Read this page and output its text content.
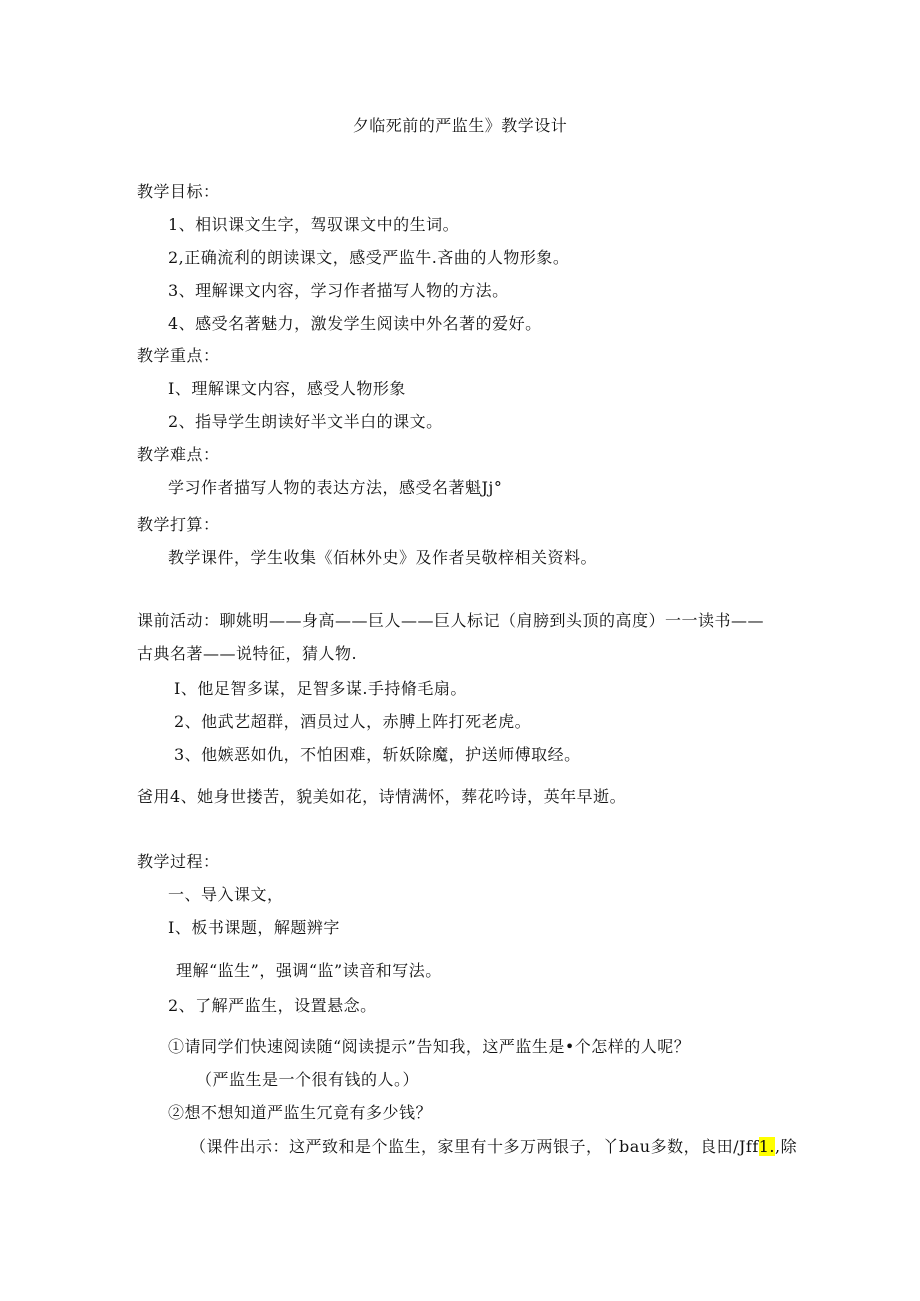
夕临死前的严监生》教学设计
教学目标：
1、相识课文生字，驾驭课文中的生词。
2,正确流利的朗读课文，感受严监牛.吝曲的人物形象。
3、理解课文内容，学习作者描写人物的方法。
4、感受名著魅力，激发学生阅读中外名著的爱好。
教学重点：
I、理解课文内容，感受人物形象
2、指导学生朗读好半文半白的课文。
教学难点：
学习作者描写人物的表达方法，感受名著魁Jj°
教学打算：
教学课件，学生收集《佰林外史》及作者吴敬梓相关资料。
课前活动：聊姚明——身高——巨人——巨人标记（肩膀到头顶的高度）一一读书——
古典名著——说特征，猜人物.
I、他足智多谋，足智多谋.手持脩毛扇。
2、他武艺超群，酒员过人，赤膊上阵打死老虎。
3、他嫉恶如仇，不怕困难，斩妖除魔，护送师傅取经。
爸用4、她身世搂苦，貌美如花，诗情满怀，葬花吟诗，英年早逝。
教学过程：
一、导入课文，
I、板书课题，解题辨字
理解“监生”，强调“监”读音和写法。
2、了解严监生，设置悬念。
①请同学们快速阅读随“阅读提示”告知我，这严监生是•个怎样的人呢？
（严监生是一个很有钱的人。）
②想不想知道严监生冗竟有多少钱？
（课件出示：这严致和是个监生，家里有十多万两银子，丫bau多数，良田/Jff1.,除
